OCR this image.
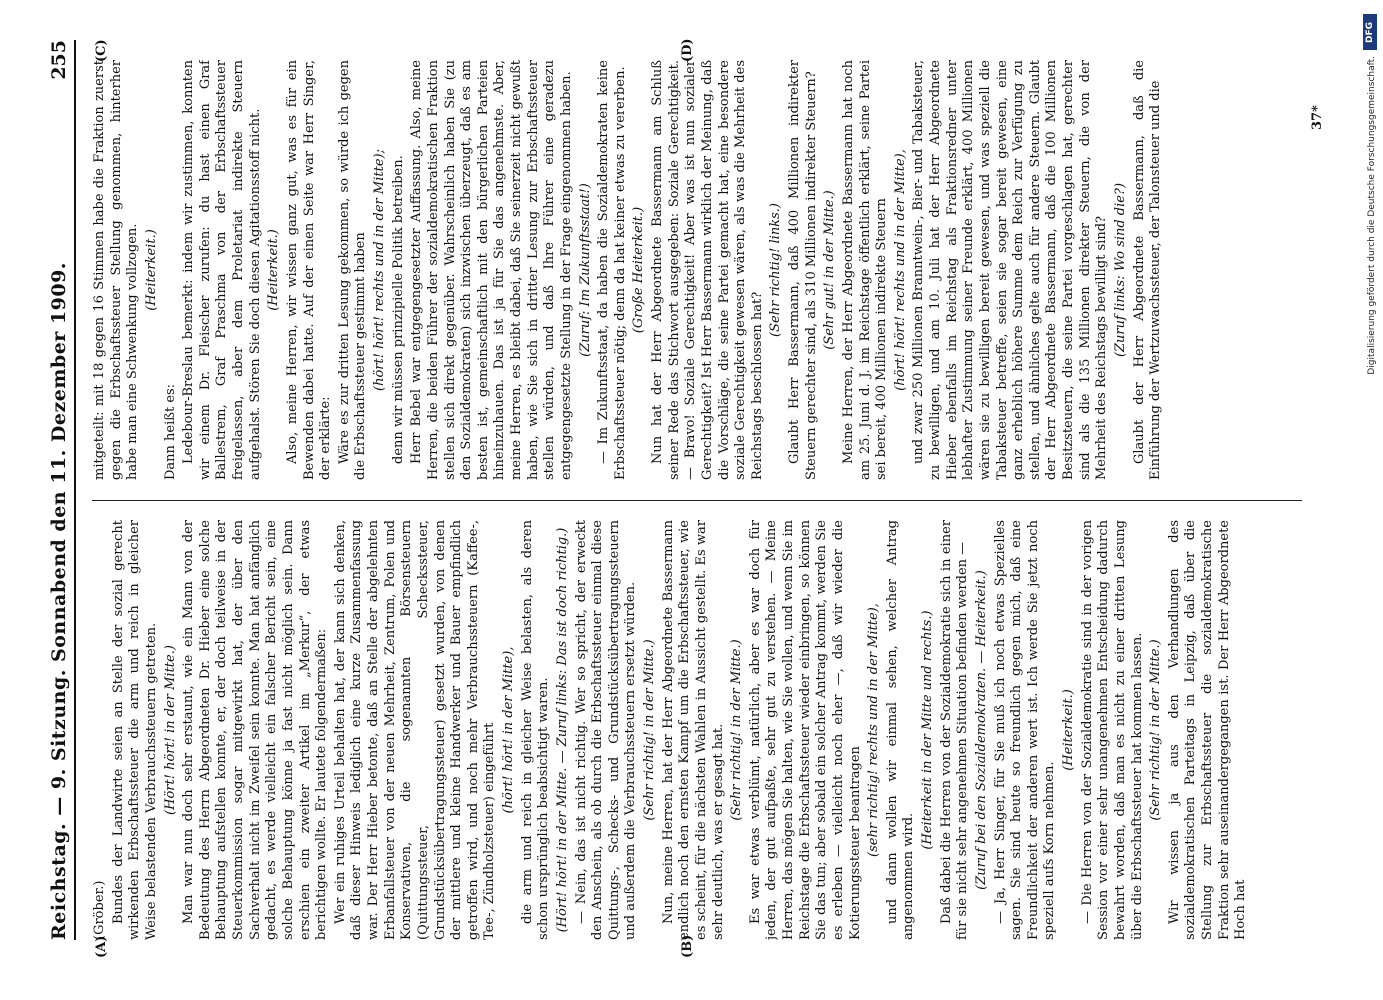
Reichstag. — 9. Sitzung. Sonnabend den 11. Dezember 1909.
255
(A)	(B)
(C)	(D)

(Gröber.) Bundes der Landwirte seien an Stelle der sozial gerecht wirkenden Erbschaftssteuer die arm und reich in gleicher Weise belastenden Verbrauchssteuern getreten. (Hört! hört! in der Mitte.) Man war nun doch sehr erstaunt, wie ein Mann von der Bedeutung des Herrn Abgeordneten Dr. Hieber eine solche Behauptung aufstellen konnte, er, der doch teilweise in der Steuerkommission sogar mitgewirkt hat, der über den Sachverhalt nicht im Zweifel sein konnte. Man hat anfänglich gedacht, es werde vielleicht ein falscher Bericht sein, eine solche Behauptung könne ja fast nicht möglich sein. Dann erschien ein zweiter Artikel im „Merkur“, der etwas berichtigen wollte. Er lautete folgendermaßen: Wer ein ruhiges Urteil behalten hat, der kann sich denken, daß dieser Hinweis lediglich eine kurze Zusammenfassung war. Der Herr Hieber betonte, daß an Stelle der abgelehnten Erbanfallsteuer von der neuen Mehrheit, Zentrum, Polen und Konservativen, die sogenannten Börsensteuern (Quittungssteuer, Scheckssteuer, Grundstücksübertragungssteuer) gesetzt wurden, von denen der mittlere und kleine Handwerker und Bauer empfindlich getroffen wird, und noch mehr Verbrauchssteuern (Kaffee-, Tee-, Zündholzsteuer) eingeführt (hört! hört! in der Mitte), die arm und reich in gleicher Weise belasten, als deren schon ursprünglich beabsichtigt waren. (Hört! hört! in der Mitte. — Zuruf links: Das ist doch richtig.) — Nein, das ist nicht richtig. Wer so spricht, der erweckt den Anschein, als ob durch die Erbschaftssteuer einmal diese Quittungs-, Schecks- und Grundstücksübertragungssteuern und außerdem die Verbrauchssteuern ersetzt würden. (Sehr richtig! in der Mitte.) Nun, meine Herren, hat der Herr Abgeordnete Bassermann endlich noch den ernsten Kampf um die Erbschaftssteuer, wie es scheint, für die nächsten Wahlen in Aussicht gestellt. Es war sehr deutlich, was er gesagt hat. (Sehr richtig! in der Mitte.) Es war etwas verblümt, natürlich, aber es war doch für jeden, der gut aufpaßte, sehr gut zu verstehen. — Meine Herren, das mögen Sie halten, wie Sie wollen, und wenn Sie im Reichstage die Erbschaftssteuer wieder einbringen, so können Sie das tun; aber sobald ein solcher Antrag kommt, werden Sie es erleben — vielleicht noch eher —, daß wir wieder die Kotierungssteuer beantragen (sehr richtig! rechts und in der Mitte), und dann wollen wir einmal sehen, welcher Antrag angenommen wird.

(Heiterkeit in der Mitte und rechts.) Daß dabei die Herren von der Sozialdemokratie sich in einer für sie nicht sehr angenehmen Situation befinden werden — (Zuruf bei den Sozialdemokraten. — Heiterkeit.) — Ja, Herr Singer, für Sie muß ich noch etwas Spezielles sagen. Sie sind heute so freundlich gegen mich, daß eine Freundlichkeit der anderen wert ist. Ich werde Sie jetzt noch speziell aufs Korn nehmen.

(Heiterkeit.) — Die Herren von der Sozialdemokratie sind in der vorigen Session vor einer sehr unangenehmen Entscheidung dadurch bewahrt worden, daß man es nicht zu einer dritten Lesung über die Erbschaftssteuer hat kommen lassen. (Sehr richtig! in der Mitte.) Wir wissen ja aus den Verhandlungen des sozialdemokratischen Parteitags in Leipzig, daß über die Stellung zur Erbschaftssteuer die sozialdemokratische Fraktion sehr auseinandergegangen ist. Der Herr Abgeordnete Hoch hat

mitgeteilt: mit 18 gegen 16 Stimmen habe die Fraktion zuerst gegen die Erbschaftssteuer Stellung genommen, hinterher habe man eine Schwenkung vollzogen. (Heiterkeit.)

Dann heißt es: Ledebour-Breslau bemerkt: indem wir zustimmen, konnten wir einem Dr. Fleischer zurufen: du hast einen Graf Ballestrem, Graf Praschma von der Erbschaftssteuer freigelassen, aber dem Proletariat indirekte Steuern aufgehalst. Stören Sie doch diesen Agitationsstoff nicht. (Heiterkeit.) Also, meine Herren, wir wissen ganz gut, was es für ein Bewenden dabei hatte. Auf der einen Seite war Herr Singer, der erklärte: Wäre es zur dritten Lesung gekommen, so würde ich gegen die Erbschaftssteuer gestimmt haben (hört! hört! rechts und in der Mitte); denn wir müssen prinzipielle Politik betreiben. Herr Bebel war entgegengesetzter Auffassung. Also, meine Herren, die beiden Führer der sozialdemokratischen Fraktion stellen sich direkt gegenüber. Wahrscheinlich haben Sie (zu den Sozialdemokraten) sich inzwischen überzeugt, daß es am besten ist, gemeinschaftlich mit den bürgerlichen Parteien hineinzuhauen. Das ist ja für Sie das angenehmste. Aber, meine Herren, es bleibt dabei, daß Sie seinerzeit nicht gewußt haben, wie Sie sich in dritter Lesung zur Erbschaftssteuer stellen würden, und daß Ihre Führer eine geradezu entgegengesetzte Stellung in der Frage eingenommen haben. (Zuruf: Im Zukunftsstaat!) — Im Zukunftsstaat, da haben die Sozialdemokraten keine Erbschaftssteuer nötig; denn da hat keiner etwas zu vererben. (Große Heiterkeit.) Nun hat der Herr Abgeordnete Bassermann am Schluß seiner Rede das Stichwort ausgegeben: Soziale Gerechtigkeit. — Bravo! Soziale Gerechtigkeit! Aber was ist nun sozialer Gerechtigkeit? Ist Herr Bassermann wirklich der Meinung, daß die Vorschläge, die seine Partei gemacht hat, eine besondere soziale Gerechtigkeit gewesen wären, als was die Mehrheit des Reichstags beschlossen hat?

(Sehr richtig! links.) Glaubt Herr Bassermann, daß 400 Millionen indirekter Steuern gerechter sind, als 310 Millionen indirekter Steuern? (Sehr gut! in der Mitte.) Meine Herren, der Herr Abgeordnete Bassermann hat noch am 25. Juni d. J. im Reichstage öffentlich erklärt, seine Partei sei bereit, 400 Millionen indirekte Steuern (hört! hört! rechts und in der Mitte), und zwar 250 Millionen Branntwein-, Bier- und Tabaksteuer, zu bewilligen, und am 10. Juli hat der Herr Abgeordnete Hieber ebenfalls im Reichstag als Fraktionsredner unter lebhafter Zustimmung seiner Freunde erklärt, 400 Millionen wären sie zu bewilligen bereit gewesen, und was speziell die Tabaksteuer betreffe, seien sie sogar bereit gewesen, eine ganz erheblich höhere Summe dem Reich zur Verfügung zu stellen, und ähnliches gelte auch für andere Steuern. Glaubt der Herr Abgeordnete Bassermann, daß die 100 Millionen Besitzsteuern, die seine Partei vorgeschlagen hat, gerechter sind als die 135 Millionen direkter Steuern, die von der Mehrheit des Reichstags bewilligt sind? (Zuruf links: Wo sind die?) Glaubt der Herr Abgeordnete Bassermann, daß die Einführung der Wertzuwachssteuer, der Talonsteuer und die	37*
DFG
Digitalisierung gefördert durch die Deutsche Forschungsgemeinschaft.
